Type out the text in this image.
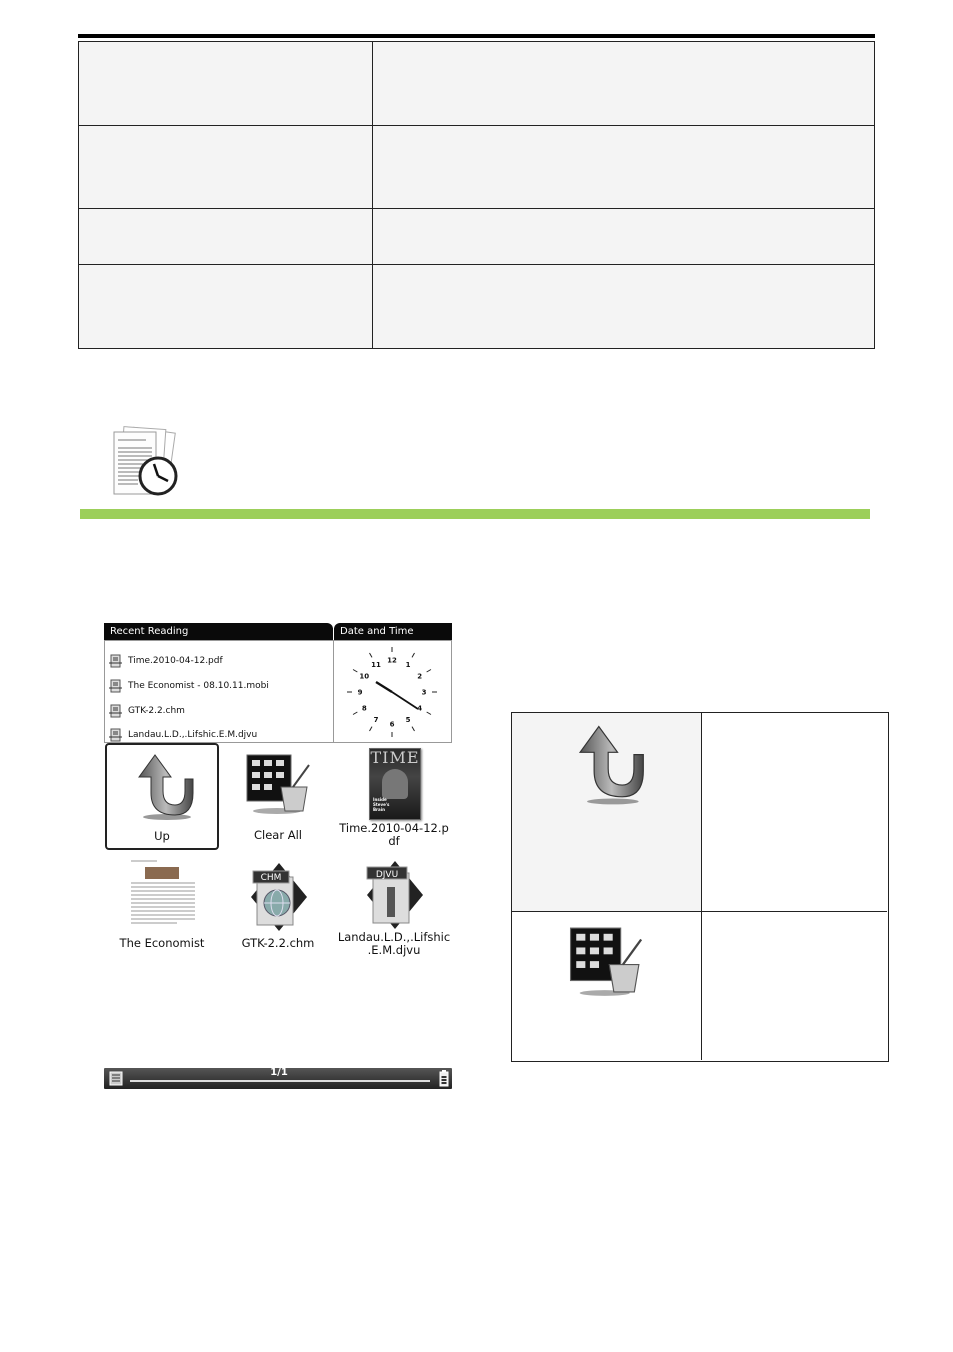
Recent Reading	Date and Time
Time.2010-04-12.pdf
The Economist - 08.10.11.mobi
GTK-2.2.chm
Landau.L.D.,.Lifshic.E.M.djvu
12
1
2
3
4
5
6
7
8
9
10
11
Up	Clear All
TIME
Inside Steve's Brain
Time.2010-04-12.p
df
The Economist
CHM
GTK-2.2.chm
DJVU
Landau.L.D.,.Lifshic
.E.M.djvu
1/1
